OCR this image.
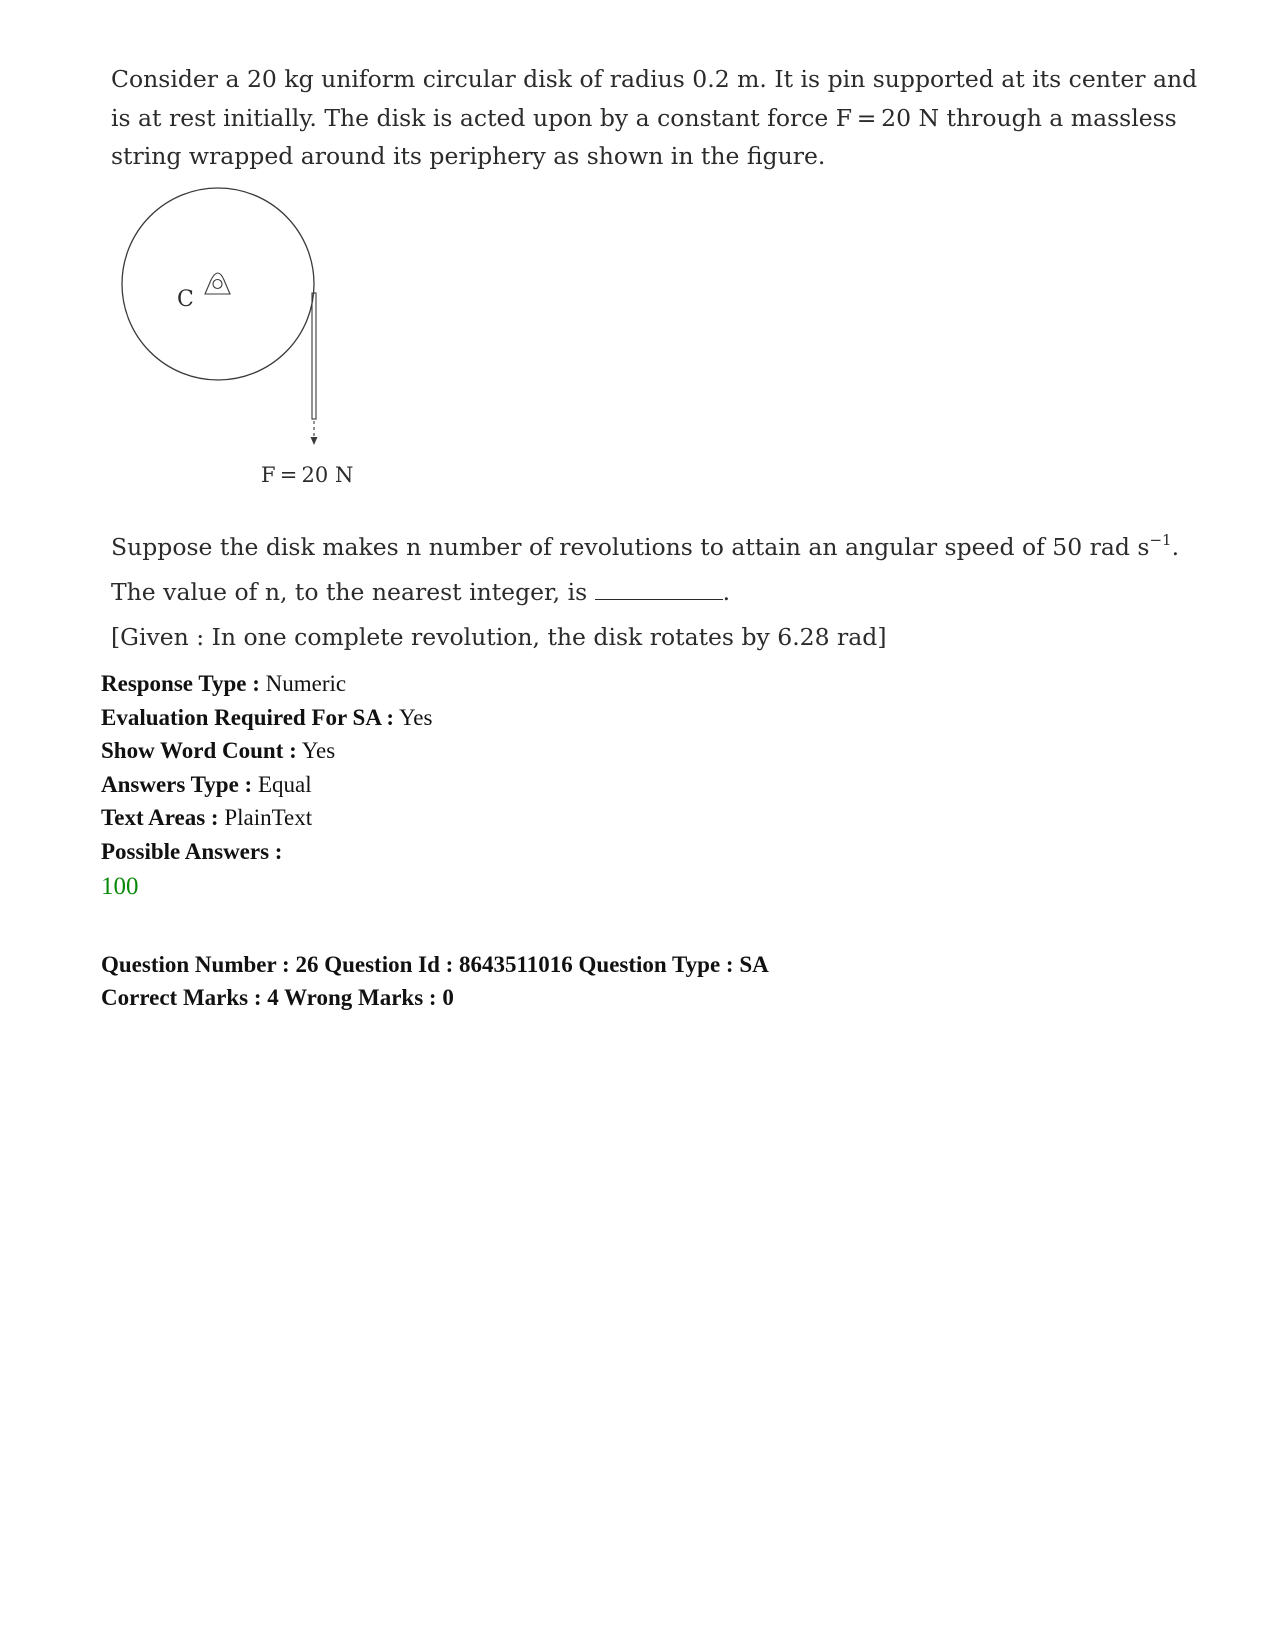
Consider a 20 kg uniform circular disk of radius 0.2 m. It is pin supported at its center and
is at rest initially. The disk is acted upon by a constant force F = 20 N through a massless
string wrapped around its periphery as shown in the figure.
C
F = 20 N
Suppose the disk makes n number of revolutions to attain an angular speed of 50 rad $s^{-1}$.
The value of n, to the nearest integer, is	.
[Given : In one complete revolution, the disk rotates by 6.28 rad]
Response Type : Numeric
Evaluation Required For SA : Yes
Show Word Count : Yes
Answers Type : Equal
Text Areas : PlainText
Possible Answers :
100
Question Number : 26 Question Id : 8643511016 Question Type : SA
Correct Marks : 4 Wrong Marks : 0
